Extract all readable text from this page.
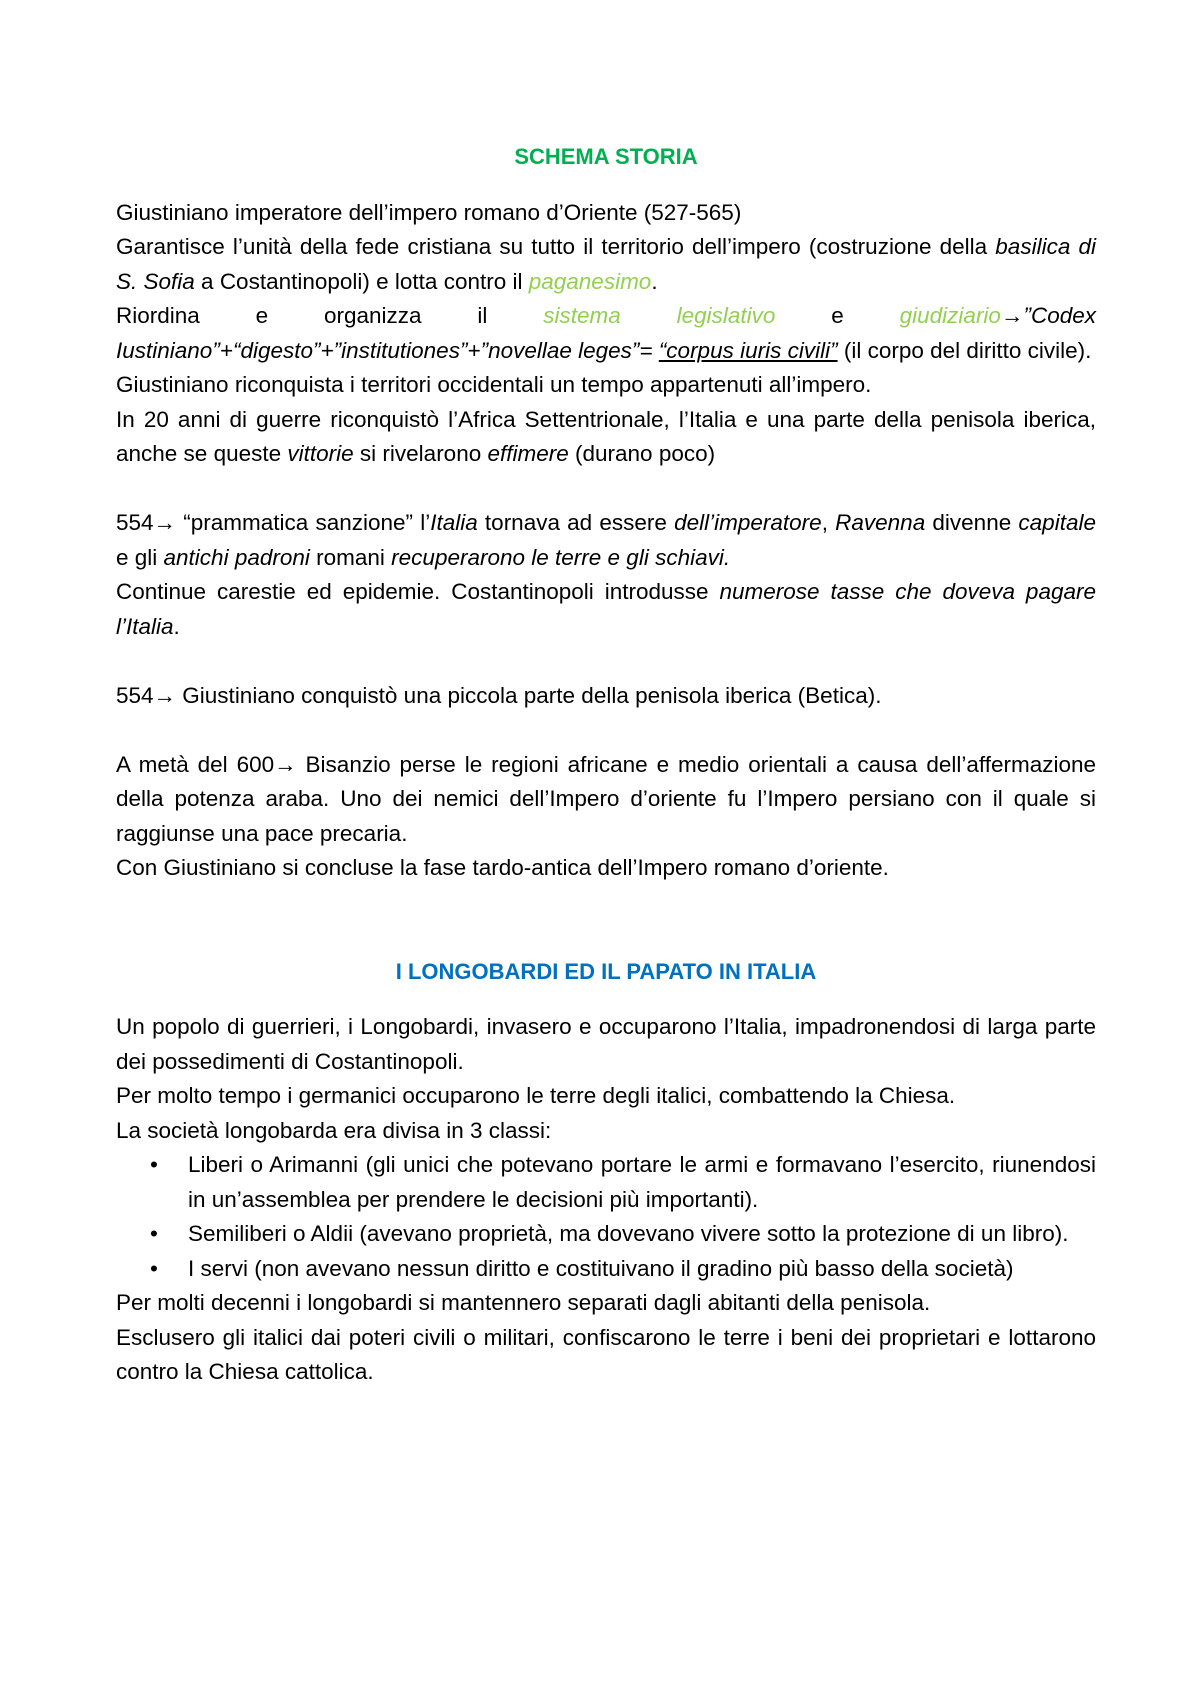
SCHEMA STORIA

Giustiniano imperatore dell’impero romano d’Oriente (527-565)

Garantisce l’unità della fede cristiana su tutto il territorio dell’impero (costruzione della basilica di S. Sofia a Costantinopoli) e lotta contro il paganesimo.

Riordina e organizza il sistema legislativo e giudiziario→”Codex Iustiniano”+“digesto”+”institutiones”+”novellae leges”= “corpus iuris civili” (il corpo del diritto civile).

Giustiniano riconquista i territori occidentali un tempo appartenuti all’impero.

In 20 anni di guerre riconquistò l’Africa Settentrionale, l’Italia e una parte della penisola iberica, anche se queste vittorie si rivelarono effimere (durano poco)

554→ “prammatica sanzione” l’Italia tornava ad essere dell’imperatore, Ravenna divenne capitale e gli antichi padroni romani recuperarono le terre e gli schiavi.

Continue carestie ed epidemie. Costantinopoli introdusse numerose tasse che doveva pagare l’Italia.

554→ Giustiniano conquistò una piccola parte della penisola iberica (Betica).

A metà del 600→ Bisanzio perse le regioni africane e medio orientali a causa dell’affermazione della potenza araba. Uno dei nemici dell’Impero d’oriente fu l’Impero persiano con il quale si raggiunse una pace precaria.

Con Giustiniano si concluse la fase tardo-antica dell’Impero romano d’oriente.

I LONGOBARDI ED IL PAPATO IN ITALIA

Un popolo di guerrieri, i Longobardi, invasero e occuparono l’Italia, impadronendosi di larga parte dei possedimenti di Costantinopoli.

Per molto tempo i germanici occuparono le terre degli italici, combattendo la Chiesa.

La società longobarda era divisa in 3 classi:

• Liberi o Arimanni (gli unici che potevano portare le armi e formavano l’esercito, riunendosi in un’assemblea per prendere le decisioni più importanti).
• Semiliberi o Aldii (avevano proprietà, ma dovevano vivere sotto la protezione di un libro).
• I servi (non avevano nessun diritto e costituivano il gradino più basso della società)

Per molti decenni i longobardi si mantennero separati dagli abitanti della penisola.

Esclusero gli italici dai poteri civili o militari, confiscarono le terre i beni dei proprietari e lottarono contro la Chiesa cattolica.
